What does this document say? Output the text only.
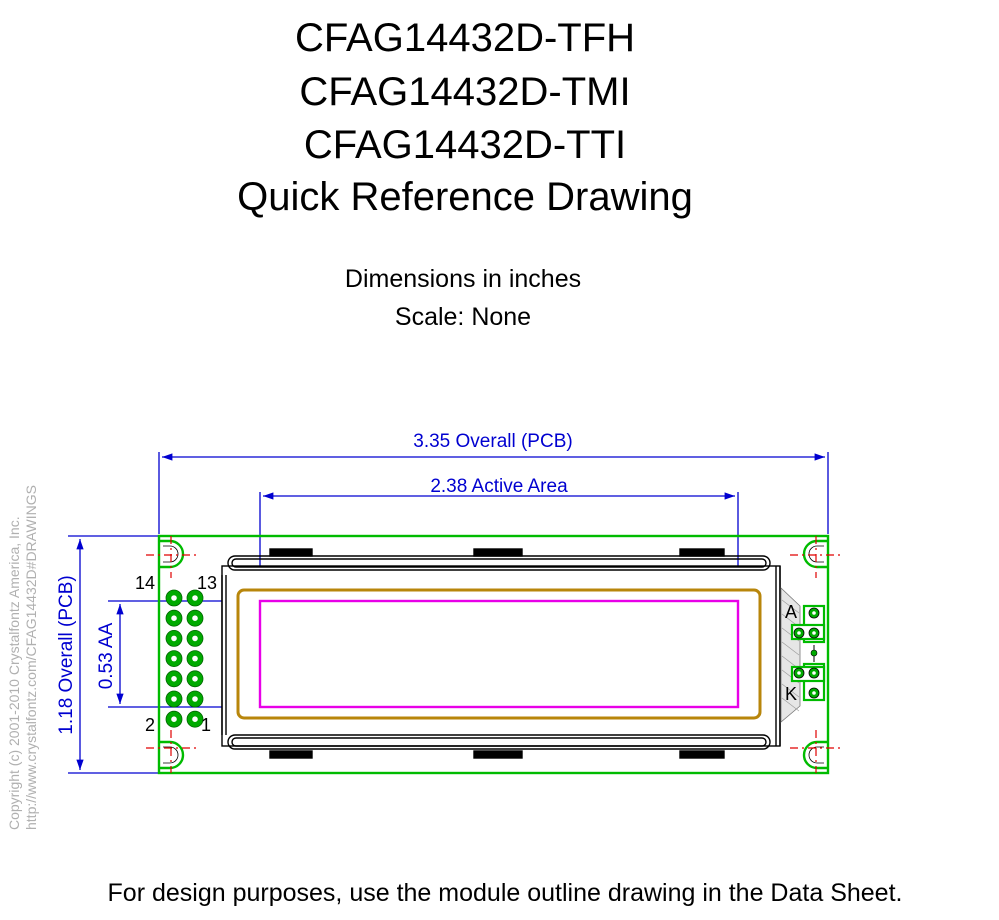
CFAG14432D-TFH
CFAG14432D-TMI
CFAG14432D-TTI
Quick Reference Drawing
Dimensions in inches
Scale: None
Copyright (c) 2001-2010 Crystalfontz America, Inc. http://www.crystalfontz.com/CFAG14432D#DRAWINGS
3.35 Overall (PCB)
2.38 Active Area
1.18 Overall (PCB) 0.53 AA
14 13
2	1
A
K
For design purposes, use the module outline drawing in the Data Sheet.
